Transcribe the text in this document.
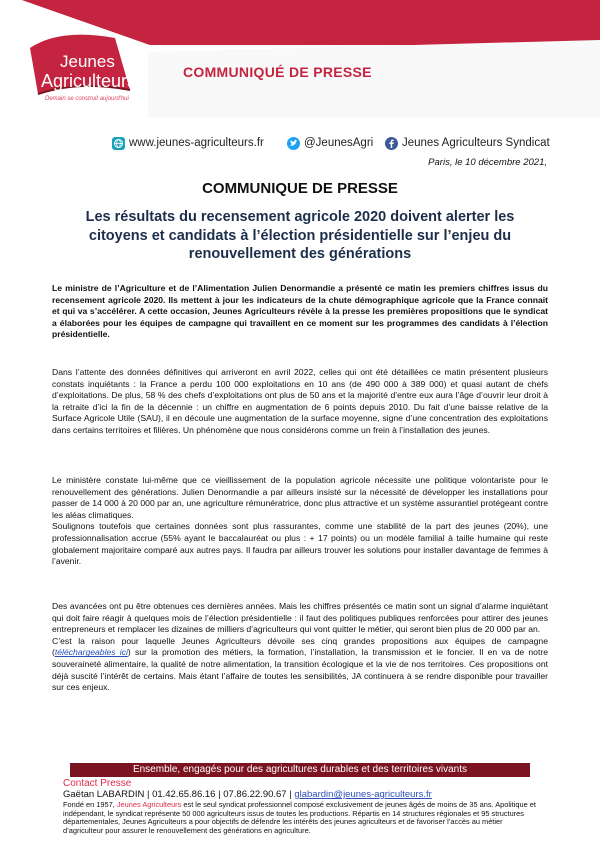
Jeunes
Agriculteurs
Demain se construit aujourd'hui
COMMUNIQUÉ DE PRESSE
www.jeunes-agriculteurs.fr	@JeunesAgri	Jeunes Agriculteurs Syndicat
Paris, le 10 décembre 2021,
COMMUNIQUE DE PRESSE
Les résultats du recensement agricole 2020 doivent alerter les citoyens et candidats à l’élection présidentielle sur l’enjeu du renouvellement des générations

Le ministre de l’Agriculture et de l’Alimentation Julien Denormandie a présenté ce matin les premiers chiffres issus du recensement agricole 2020. Ils mettent à jour les indicateurs de la chute démographique agricole que la France connait et qui va s’accélérer. A cette occasion, Jeunes Agriculteurs révèle à la presse les premières propositions que le syndicat a élaborées pour les équipes de campagne qui travaillent en ce moment sur les programmes des candidats à l’élection présidentielle.

Dans l’attente des données définitives qui arriveront en avril 2022, celles qui ont été détaillées ce matin présentent plusieurs constats inquiétants : la France a perdu 100 000 exploitations en 10 ans (de 490 000 à 389 000) et quasi autant de chefs d’exploitations. De plus, 58 % des chefs d’exploitations ont plus de 50 ans et la majorité d’entre eux aura l’âge d’ouvrir leur droit à la retraite d’ici la fin de la décennie : un chiffre en augmentation de 6 points depuis 2010. Du fait d’une baisse relative de la Surface Agricole Utile (SAU), il en découle une augmentation de la surface moyenne, signe d’une concentration des exploitations dans certains territoires et filières. Un phénomène que nous considérons comme un frein à l’installation des jeunes.

Le ministère constate lui-même que ce vieillissement de la population agricole nécessite une politique volontariste pour le renouvellement des générations. Julien Denormandie a par ailleurs insisté sur la nécessité de développer les installations pour passer de 14 000 à 20 000 par an, une agriculture rémunératrice, donc plus attractive et un système assurantiel protégeant contre les aléas climatiques.

Soulignons toutefois que certaines données sont plus rassurantes, comme une stabilité de la part des jeunes (20%), une professionnalisation accrue (55% ayant le baccalauréat ou plus : + 17 points) ou un modèle familial à taille humaine qui reste globalement majoritaire comparé aux autres pays. Il faudra par ailleurs trouver les solutions pour installer davantage de femmes à l’avenir.

Des avancées ont pu être obtenues ces dernières années. Mais les chiffres présentés ce matin sont un signal d’alarme inquiétant qui doit faire réagir à quelques mois de l’élection présidentielle : il faut des politiques publiques renforcées pour attirer des jeunes entrepreneurs et remplacer les dizaines de milliers d’agriculteurs qui vont quitter le métier, qui seront bien plus de 20 000 par an.

C’est la raison pour laquelle Jeunes Agriculteurs dévoile ses cinq grandes propositions aux équipes de campagne (téléchargeables ici) sur la promotion des métiers, la formation, l’installation, la transmission et le foncier. Il en va de notre souveraineté alimentaire, la qualité de notre alimentation, la transition écologique et la vie de nos territoires. Ces propositions ont déjà suscité l’intérêt de certains. Mais étant l’affaire de toutes les sensibilités, JA continuera à se rendre disponible pour travailler sur ces enjeux.

Ensemble, engagés pour des agricultures durables et des territoires vivants
Contact Presse
Gaëtan LABARDIN | 01.42.65.86.16 | 07.86.22.90.67 | glabardin@jeunes-agriculteurs.fr
Fondé en 1957, Jeunes Agriculteurs est le seul syndicat professionnel composé exclusivement de jeunes âgés de moins de 35 ans. Apolitique et indépendant, le syndicat représente 50 000 agriculteurs issus de toutes les productions. Répartis en 14 structures régionales et 95 structures départementales, Jeunes Agriculteurs a pour objectifs de défendre les intérêts des jeunes agriculteurs et de favoriser l’accès au métier d’agriculteur pour assurer le renouvellement des générations en agriculture.
